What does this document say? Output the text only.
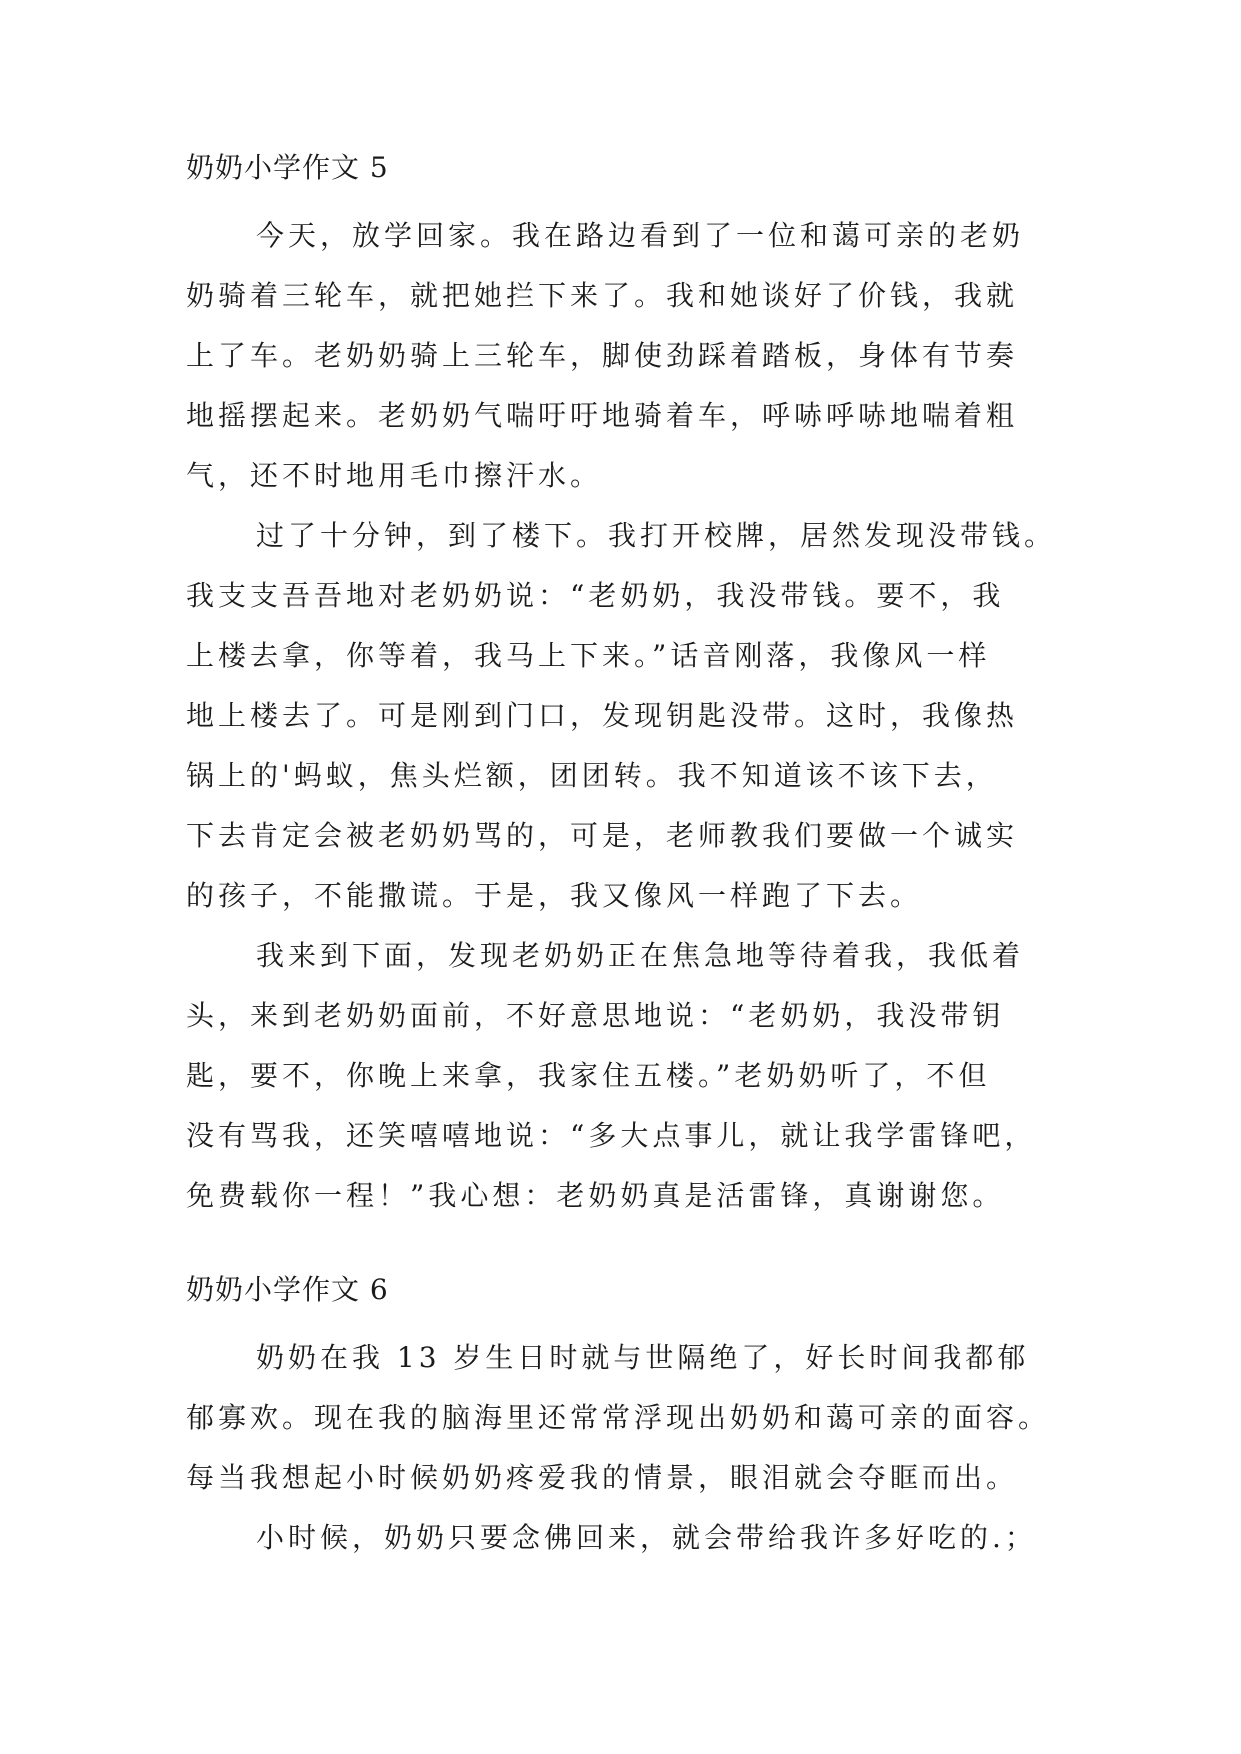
奶奶小学作文 5
今天，放学回家。我在路边看到了一位和蔼可亲的老奶
奶骑着三轮车，就把她拦下来了。我和她谈好了价钱，我就
上了车。老奶奶骑上三轮车，脚使劲踩着踏板，身体有节奏
地摇摆起来。老奶奶气喘吁吁地骑着车，呼哧呼哧地喘着粗
气，还不时地用毛巾擦汗水。
过了十分钟，到了楼下。我打开校牌，居然发现没带钱。
我支支吾吾地对老奶奶说：“老奶奶，我没带钱。要不，我
上楼去拿，你等着，我马上下来。”话音刚落，我像风一样
地上楼去了。可是刚到门口，发现钥匙没带。这时，我像热
锅上的'蚂蚁，焦头烂额，团团转。我不知道该不该下去，
下去肯定会被老奶奶骂的，可是，老师教我们要做一个诚实
的孩子，不能撒谎。于是，我又像风一样跑了下去。
我来到下面，发现老奶奶正在焦急地等待着我，我低着
头，来到老奶奶面前，不好意思地说：“老奶奶，我没带钥
匙，要不，你晚上来拿，我家住五楼。”老奶奶听了，不但
没有骂我，还笑嘻嘻地说：“多大点事儿，就让我学雷锋吧，
免费载你一程！”我心想：老奶奶真是活雷锋，真谢谢您。
奶奶小学作文 6
奶奶在我 13 岁生日时就与世隔绝了，好长时间我都郁
郁寡欢。现在我的脑海里还常常浮现出奶奶和蔼可亲的面容。
每当我想起小时候奶奶疼爱我的情景，眼泪就会夺眶而出。
小时候，奶奶只要念佛回来，就会带给我许多好吃的.；
